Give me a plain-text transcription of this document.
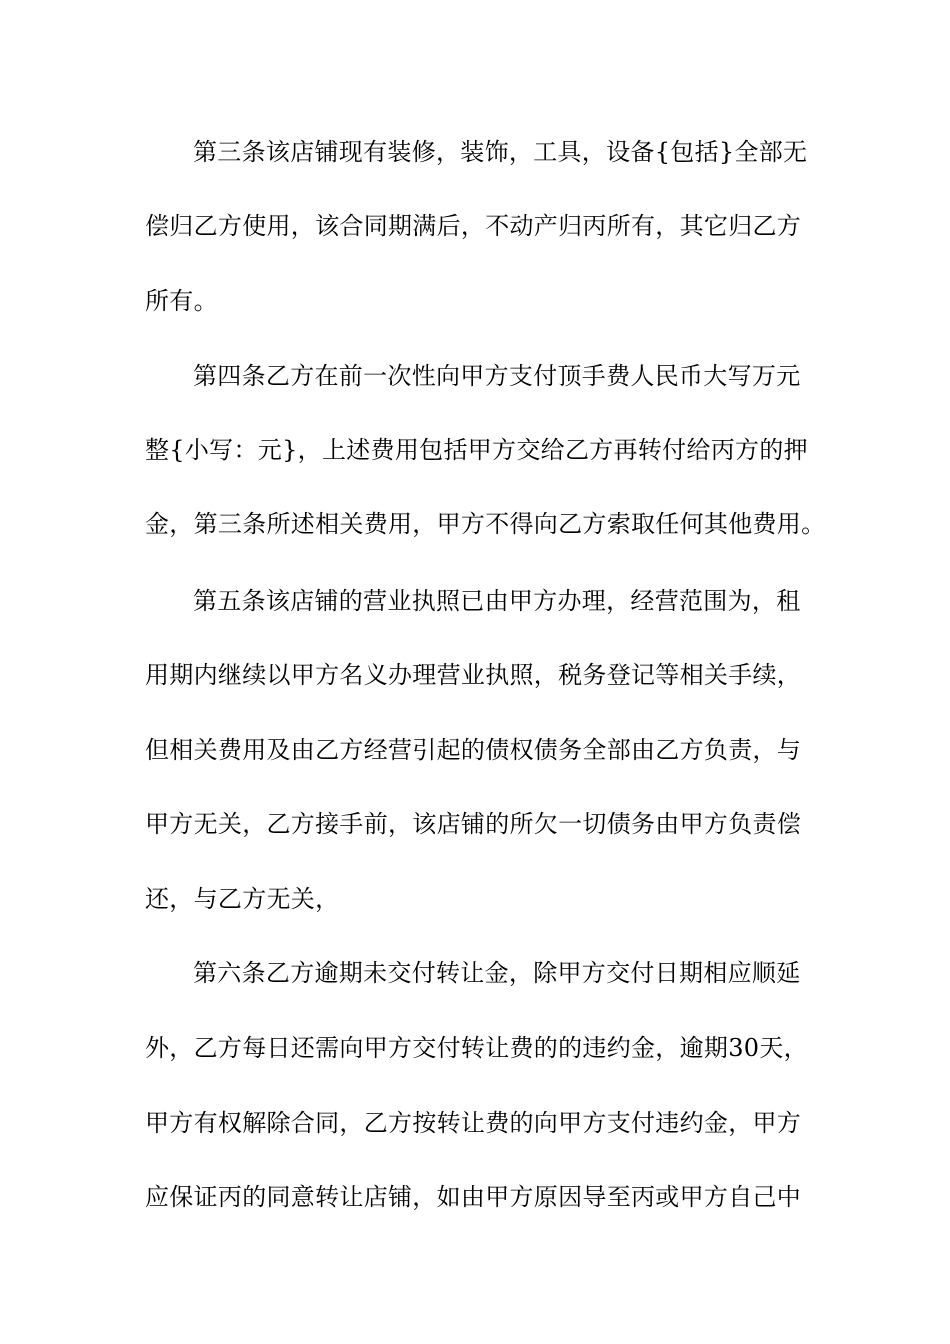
第三条该店铺现有装修，装饰，工具，设备{包括}全部无
偿归乙方使用，该合同期满后，不动产归丙所有，其它归乙方
所有。
第四条乙方在前一次性向甲方支付顶手费人民币大写万元
整{小写：元}，上述费用包括甲方交给乙方再转付给丙方的押
金，第三条所述相关费用，甲方不得向乙方索取任何其他费用。
第五条该店铺的营业执照已由甲方办理，经营范围为，租
用期内继续以甲方名义办理营业执照，税务登记等相关手续，
但相关费用及由乙方经营引起的债权债务全部由乙方负责，与
甲方无关，乙方接手前，该店铺的所欠一切债务由甲方负责偿
还，与乙方无关，
第六条乙方逾期未交付转让金，除甲方交付日期相应顺延
外，乙方每日还需向甲方交付转让费的的违约金，逾期30天，
甲方有权解除合同，乙方按转让费的向甲方支付违约金，甲方
应保证丙的同意转让店铺，如由甲方原因导至丙或甲方自己中
